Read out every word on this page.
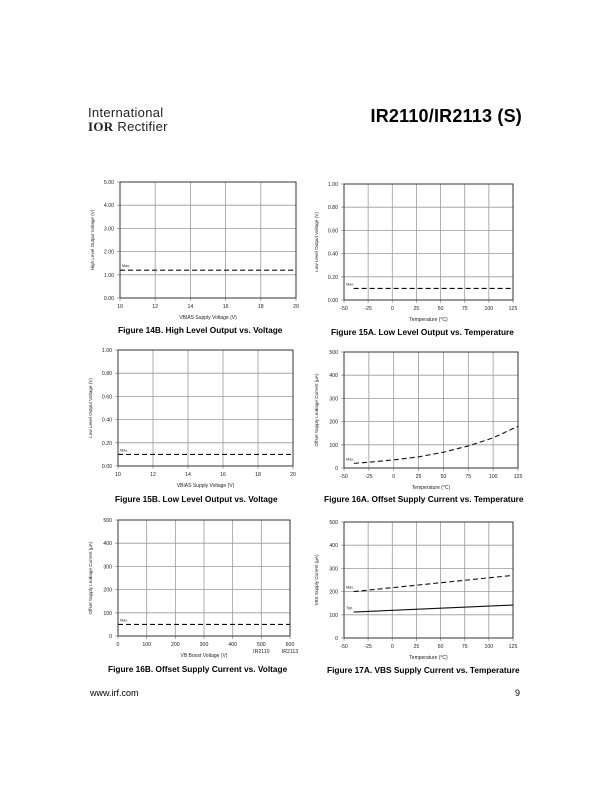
International
IOR Rectifier
IR2110/IR2113 (S)
10	12	14	16	18	20
0.00
1.00
2.00
3.00
4.00
5.00
Max.
VBIAS Supply Voltage (V)
High Level Output Voltage (V)
-50	-25	0	25	50	75	100	125
0.00
0.20
0.40
0.60
0.80
1.00
Max.
Temperature (°C)
Low Level Output Voltage (V)
10	12	14	16	18	20
0.00
0.20
0.40
0.60
0.80
1.00
Max.
VBIAS Supply Voltage (V)
Low Level Output Voltage (V)
-50	-25	0	25	50	75	100	125
0
100
200
300
400
500
Max.
Temperature (°C)
Offset Supply Leakage Current (µA)
0	100	200	300	400	500
IR2110
600
IR2113
0
100
200
300
400
500
Max.
VB Boost Voltage (V)
Offset Supply Leakage Current (µA)
-50	-25	0	25	50	75	100	125
0
100
200
300
400
500
Max.
Typ.
Temperature (°C)
VBS Supply Current (µA)
Figure 14B. High Level Output vs. Voltage	Figure 15A. Low Level Output vs. Temperature
Figure 15B. Low Level Output vs. Voltage	Figure 16A. Offset Supply Current vs. Temperature
Figure 16B. Offset Supply Current vs. Voltage	Figure 17A. VBS Supply Current vs. Temperature
www.irf.com	9
